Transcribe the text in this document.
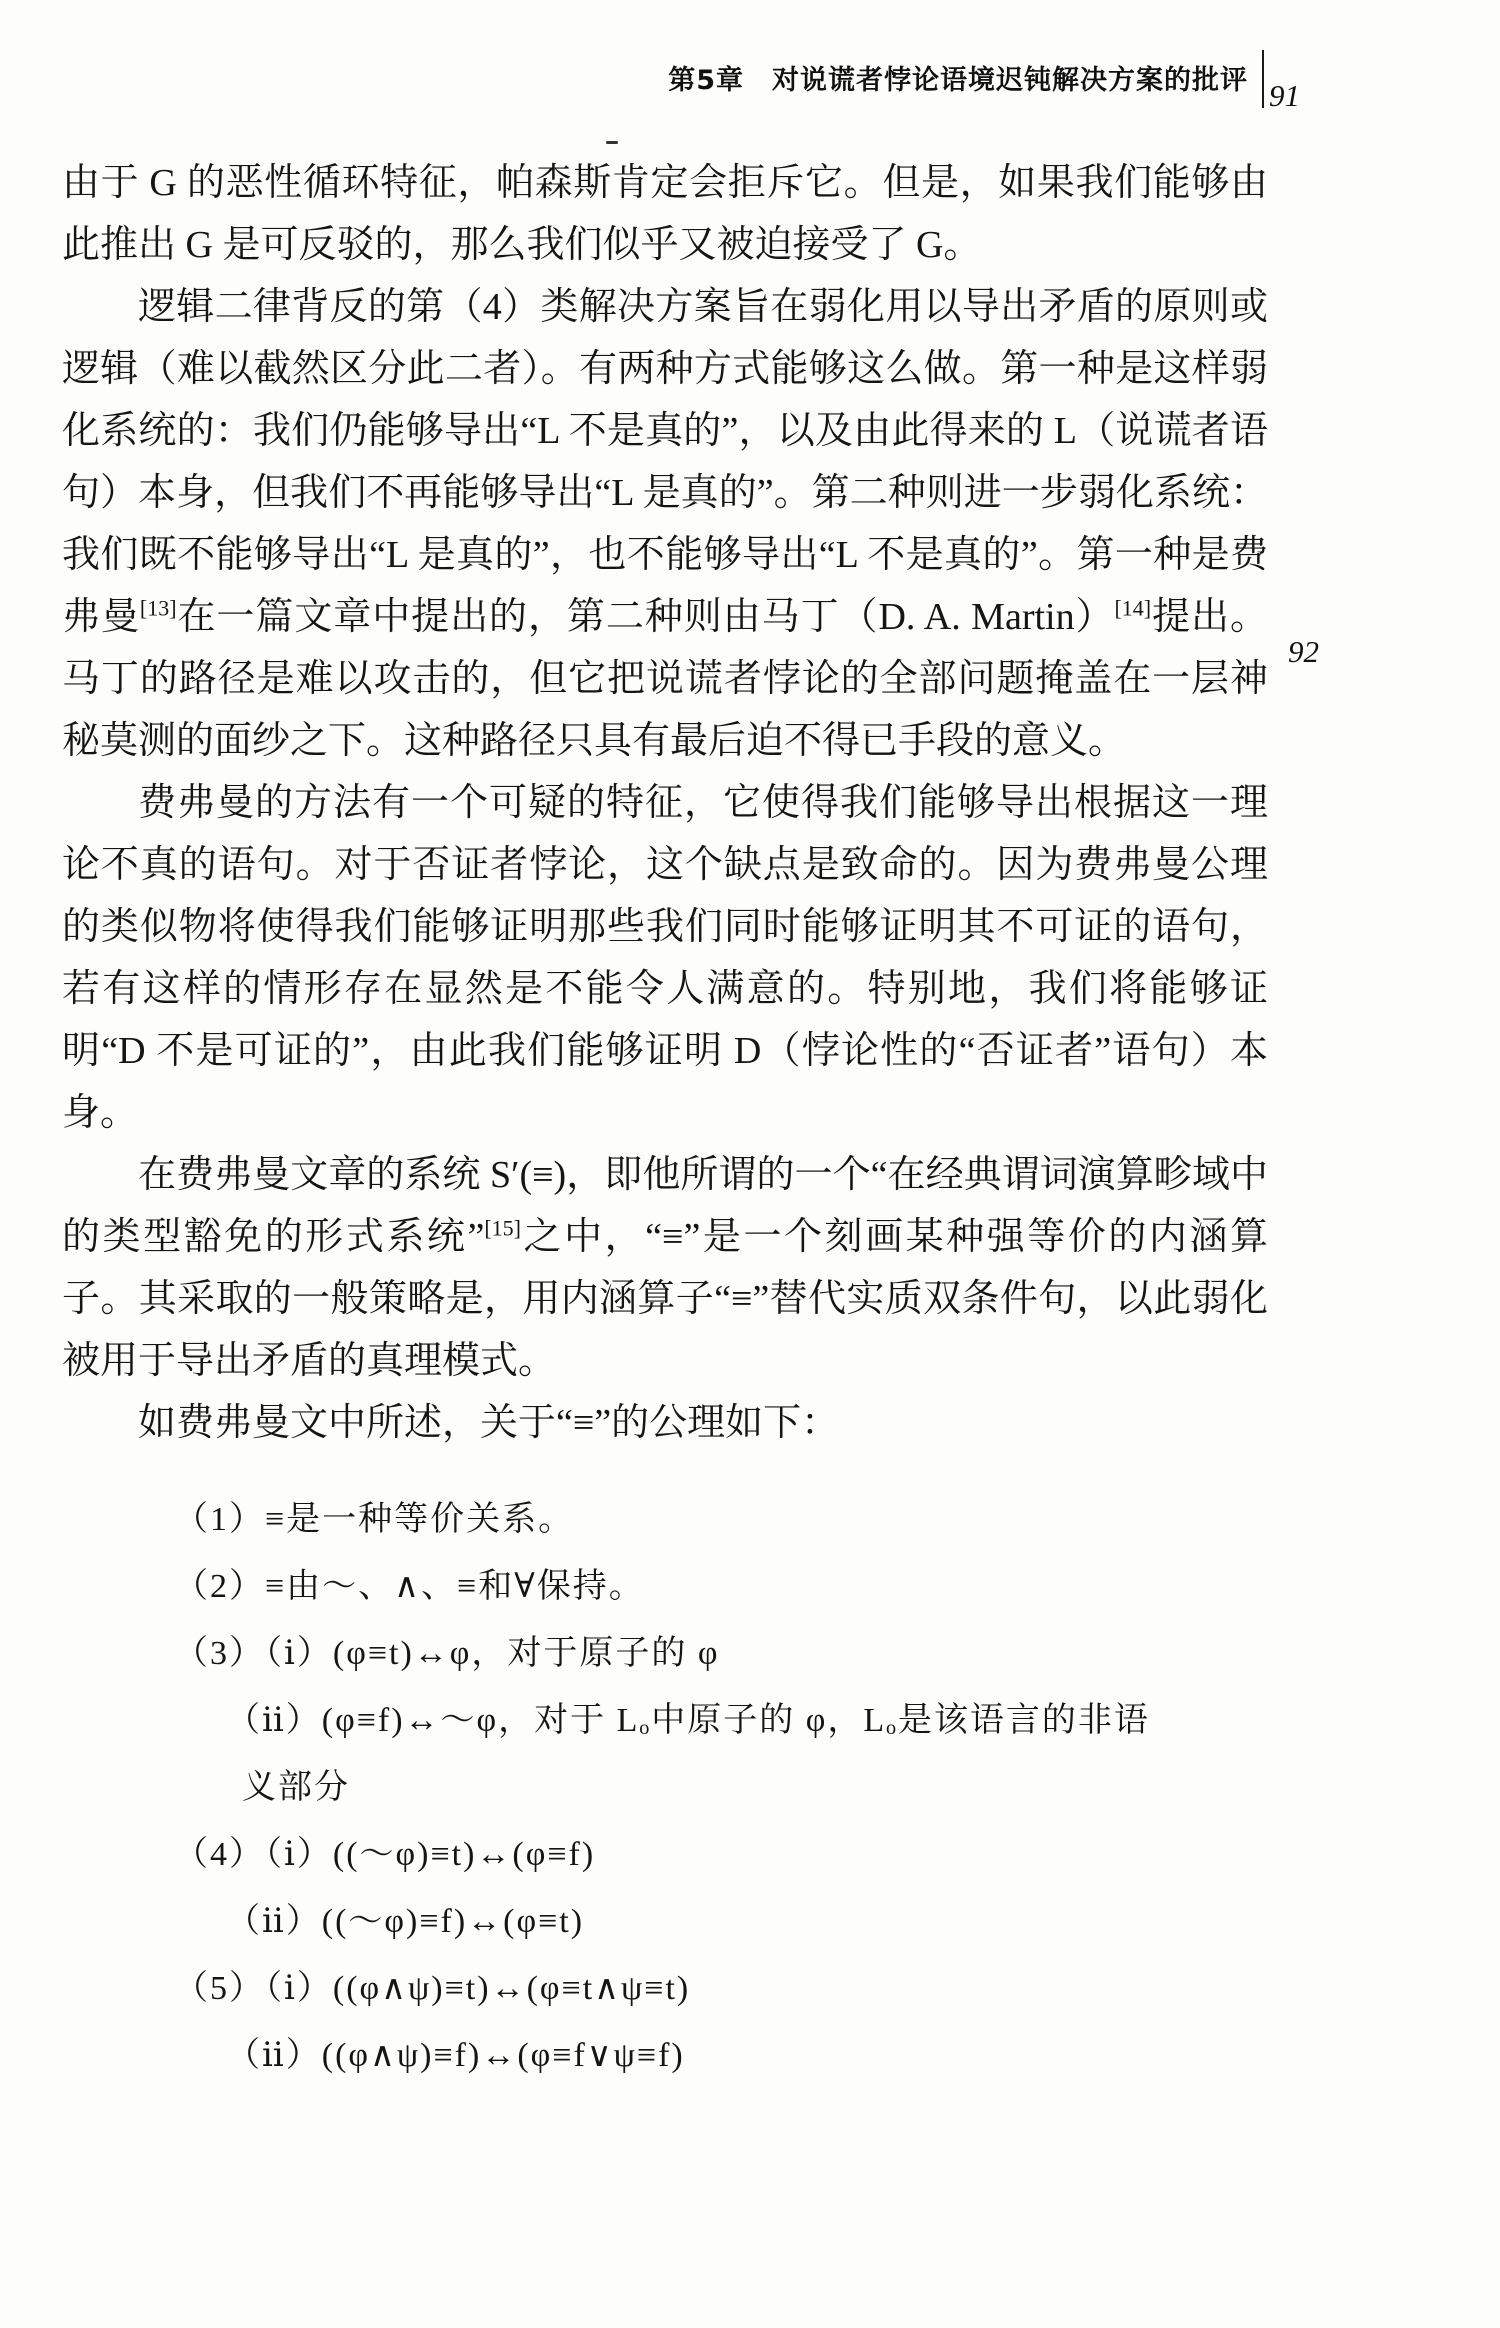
第5章　对说谎者悖论语境迟钝解决方案的批评 91
92

由于 G 的恶性循环特征，帕森斯肯定会拒斥它。但是，如果我们能够由此推出 G 是可反驳的，那么我们似乎又被迫接受了 G。

逻辑二律背反的第（4）类解决方案旨在弱化用以导出矛盾的原则或逻辑（难以截然区分此二者）。有两种方式能够这么做。第一种是这样弱化系统的：我们仍能够导出“L 不是真的”，以及由此得来的 L（说谎者语句）本身，但我们不再能够导出“L 是真的”。第二种则进一步弱化系统：我们既不能够导出“L 是真的”，也不能够导出“L 不是真的”。第一种是费弗曼[13]在一篇文章中提出的，第二种则由马丁（D. A. Martin）[14]提出。马丁的路径是难以攻击的，但它把说谎者悖论的全部问题掩盖在一层神秘莫测的面纱之下。这种路径只具有最后迫不得已手段的意义。

费弗曼的方法有一个可疑的特征，它使得我们能够导出根据这一理论不真的语句。对于否证者悖论，这个缺点是致命的。因为费弗曼公理的类似物将使得我们能够证明那些我们同时能够证明其不可证的语句，若有这样的情形存在显然是不能令人满意的。特别地，我们将能够证明“D 不是可证的”，由此我们能够证明 D（悖论性的“否证者”语句）本身。

在费弗曼文章的系统 S′(≡)，即他所谓的一个“在经典谓词演算畛域中的类型豁免的形式系统”[15]之中，“≡”是一个刻画某种强等价的内涵算子。其采取的一般策略是，用内涵算子“≡”替代实质双条件句，以此弱化被用于导出矛盾的真理模式。

如费弗曼文中所述，关于“≡”的公理如下：

（1）≡是一种等价关系。
（2）≡由～、∧、≡和∀保持。
（3）（ⅰ）(φ≡t)↔φ，对于原子的 φ
（ⅱ）(φ≡f)↔～φ，对于 Lₒ中原子的 φ，Lₒ是该语言的非语
义部分
（4）（ⅰ）((～φ)≡t)↔(φ≡f)
（ⅱ）((～φ)≡f)↔(φ≡t)
（5）（ⅰ）((φ∧ψ)≡t)↔(φ≡t∧ψ≡t)
（ⅱ）((φ∧ψ)≡f)↔(φ≡f∨ψ≡f)
